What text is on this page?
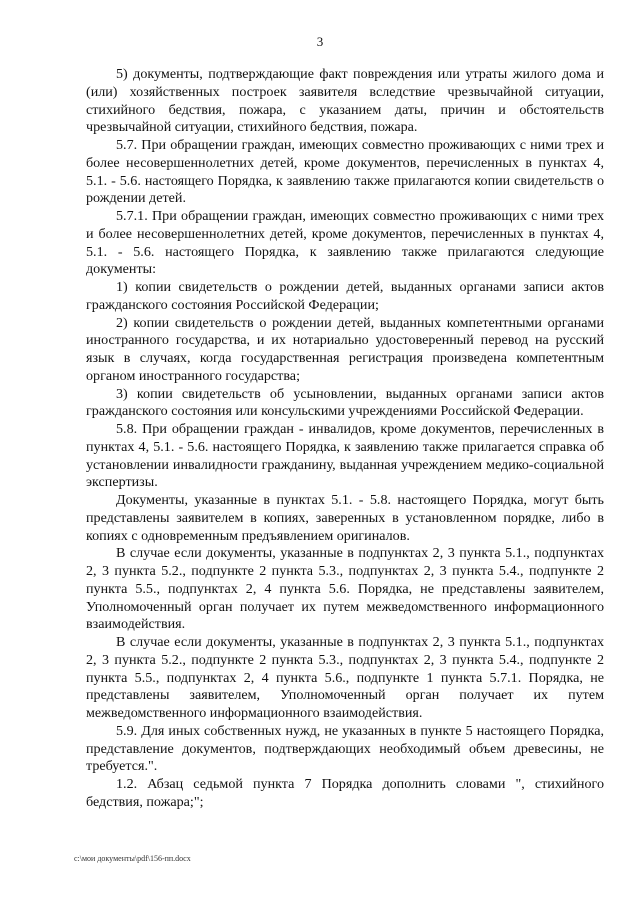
3

5) документы, подтверждающие факт повреждения или утраты жилого дома и (или) хозяйственных построек заявителя вследствие чрезвычайной ситуации, стихийного бедствия, пожара, с указанием даты, причин и обстоятельств чрезвычайной ситуации, стихийного бедствия, пожара.

5.7. При обращении граждан, имеющих совместно проживающих с ними трех и более несовершеннолетних детей, кроме документов, перечисленных в пунктах 4, 5.1. - 5.6. настоящего Порядка, к заявлению также прилагаются копии свидетельств о рождении детей.

5.7.1. При обращении граждан, имеющих совместно проживающих с ними трех и более несовершеннолетних детей, кроме документов, перечисленных в пунктах 4, 5.1. - 5.6. настоящего Порядка, к заявлению также прилагаются следующие документы:

1) копии свидетельств о рождении детей, выданных органами записи актов гражданского состояния Российской Федерации;

2) копии свидетельств о рождении детей, выданных компетентными органами иностранного государства, и их нотариально удостоверенный перевод на русский язык в случаях, когда государственная регистрация произведена компетентным органом иностранного государства;

3) копии свидетельств об усыновлении, выданных органами записи актов гражданского состояния или консульскими учреждениями Российской Федерации.

5.8. При обращении граждан - инвалидов, кроме документов, перечисленных в пунктах 4, 5.1. - 5.6. настоящего Порядка, к заявлению также прилагается справка об установлении инвалидности гражданину, выданная учреждением медико-социальной экспертизы.

Документы, указанные в пунктах 5.1. - 5.8. настоящего Порядка, могут быть представлены заявителем в копиях, заверенных в установленном порядке, либо в копиях с одновременным предъявлением оригиналов.

В случае если документы, указанные в подпунктах 2, 3 пункта 5.1., подпунктах 2, 3 пункта 5.2., подпункте 2 пункта 5.3., подпунктах 2, 3 пункта 5.4., подпункте 2 пункта 5.5., подпунктах 2, 4 пункта 5.6. Порядка, не представлены заявителем, Уполномоченный орган получает их путем межведомственного информационного взаимодействия.

В случае если документы, указанные в подпунктах 2, 3 пункта 5.1., подпунктах 2, 3 пункта 5.2., подпункте 2 пункта 5.3., подпунктах 2, 3 пункта 5.4., подпункте 2 пункта 5.5., подпунктах 2, 4 пункта 5.6., подпункте 1 пункта 5.7.1. Порядка, не представлены заявителем, Уполномоченный орган получает их путем межведомственного информационного взаимодействия.

5.9. Для иных собственных нужд, не указанных в пункте 5 настоящего Порядка, представление документов, подтверждающих необходимый объем древесины, не требуется.".

1.2. Абзац седьмой пункта 7 Порядка дополнить словами ", стихийного бедствия, пожара;";

c:\мои документы\pdf\156-пп.docx
